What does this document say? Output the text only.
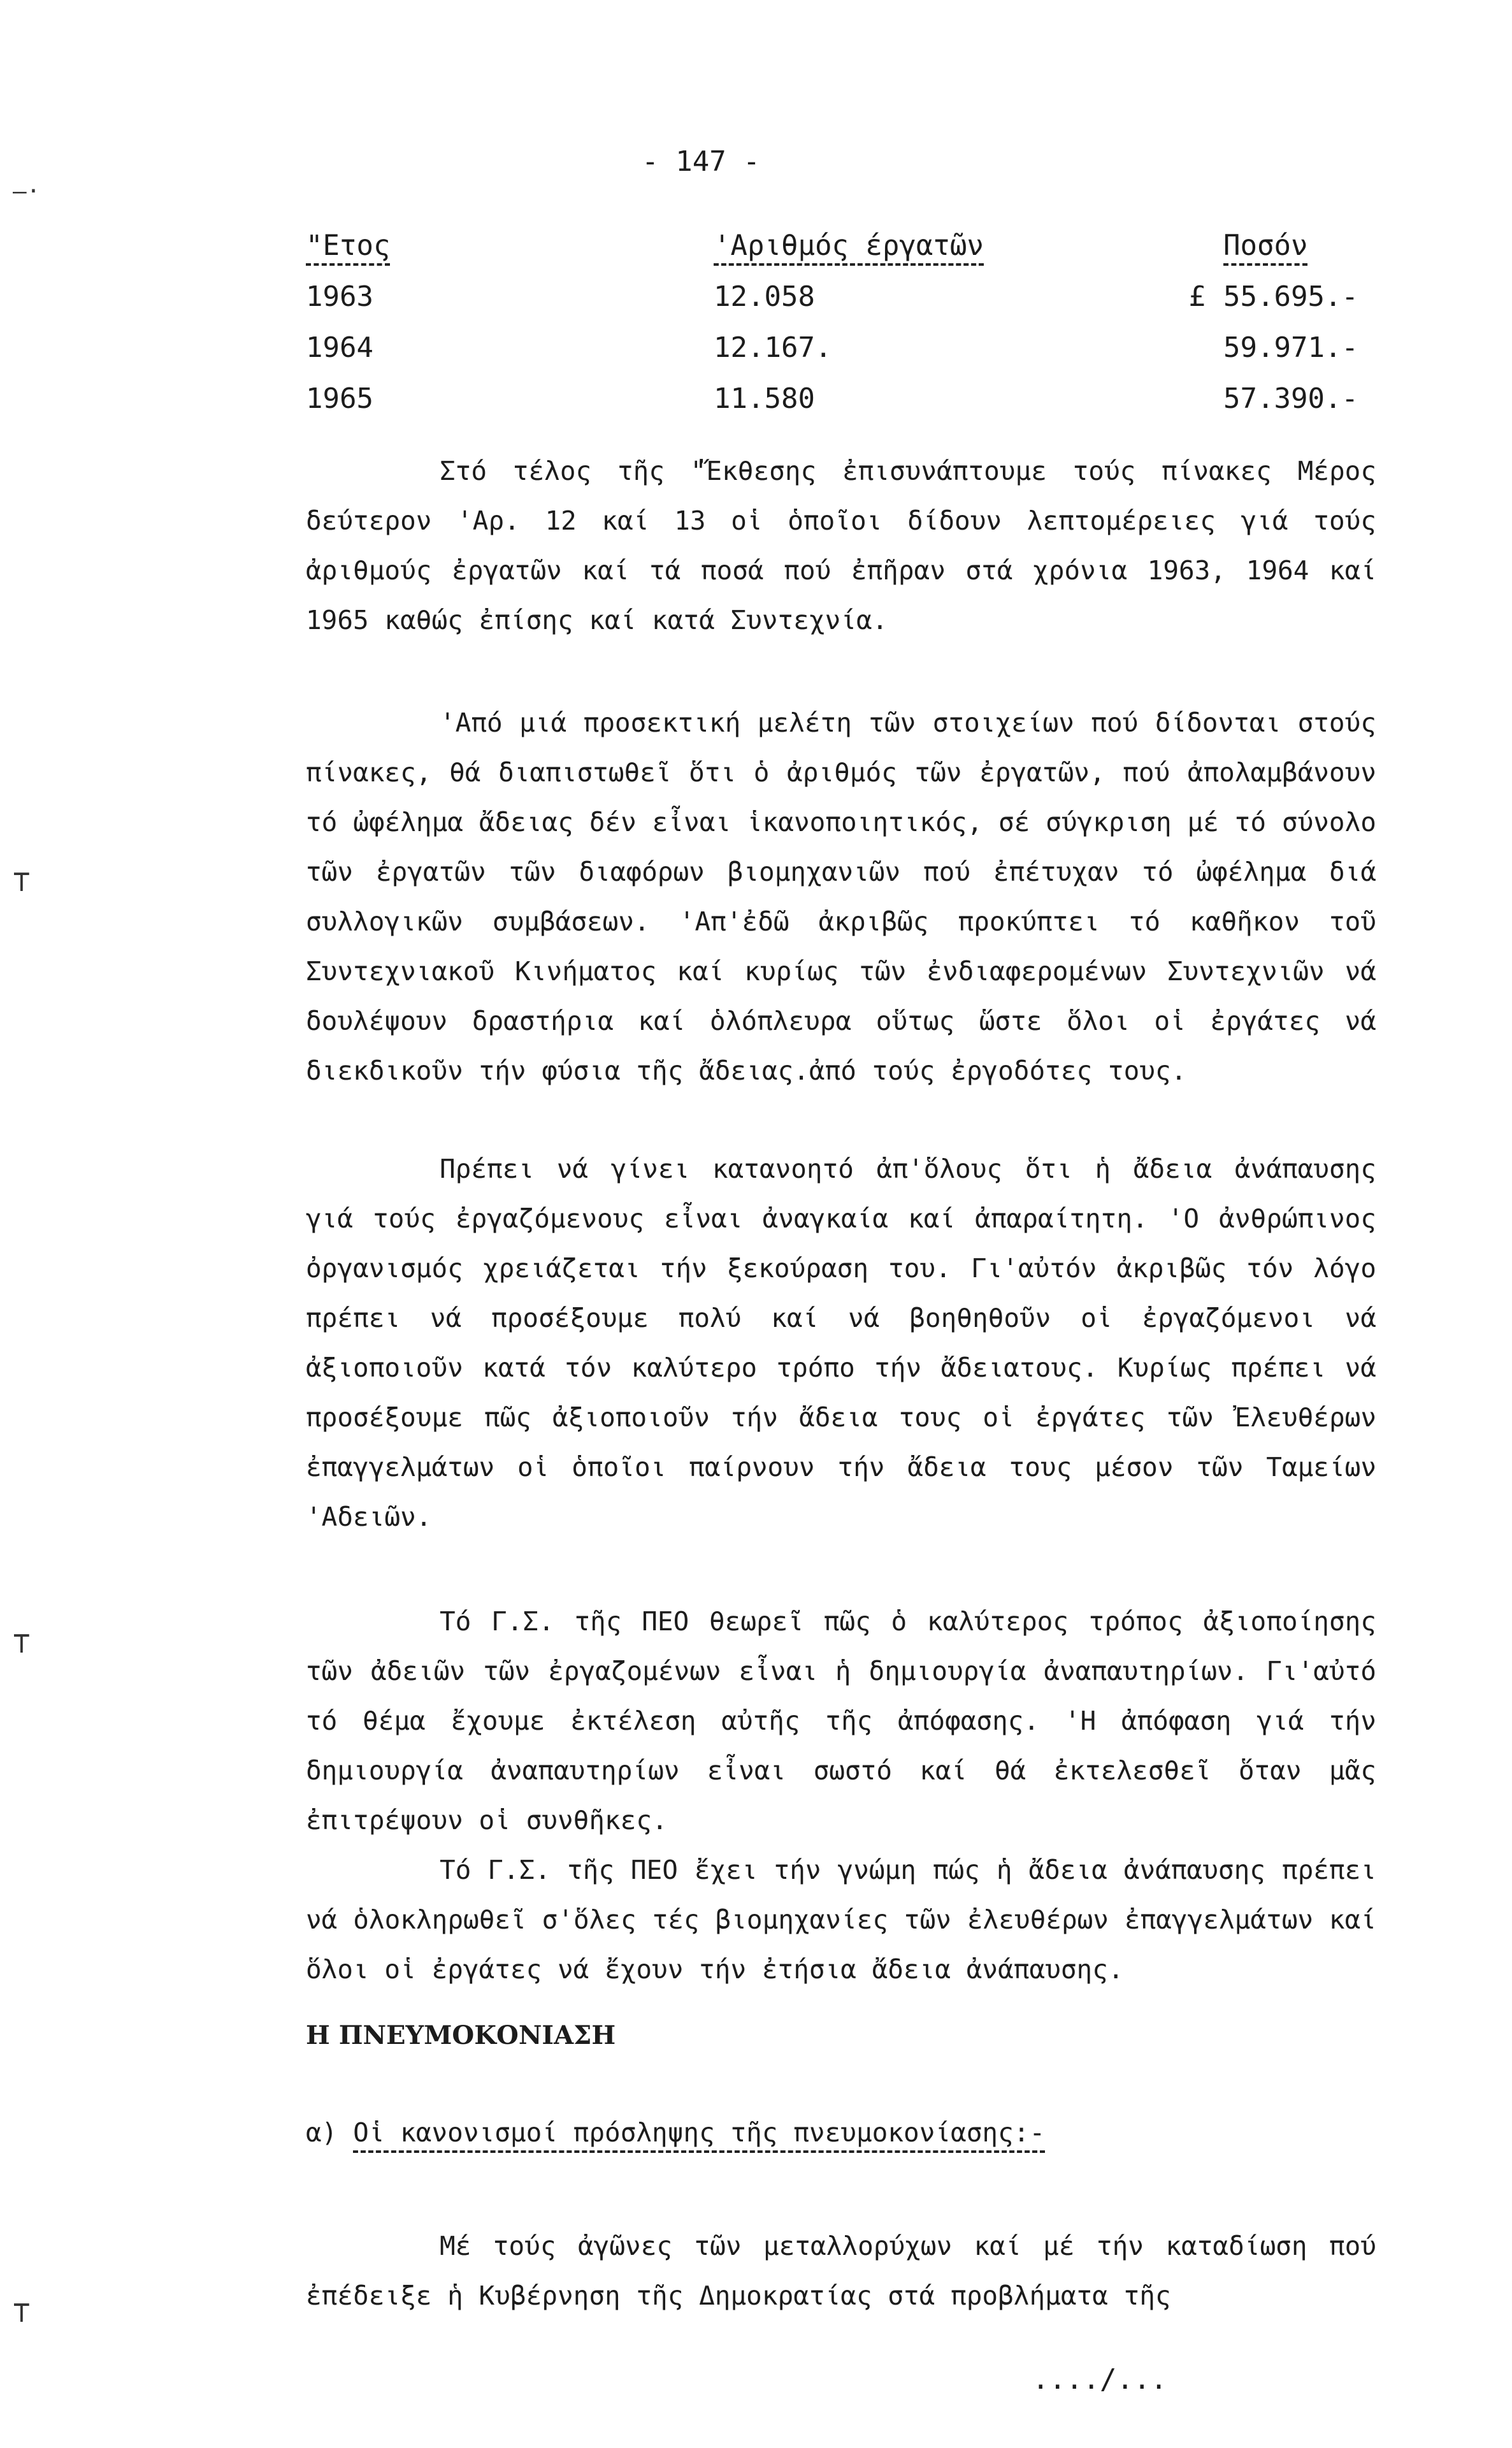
- 147 -
"Ετος	'Αριθμός έργατῶν	Ποσόν
1963	12.058	£ 55.695.-
1964	12.167.	59.971.-
1965	11.580	57.390.-

Στό τέλος τῆς "Ἔκθεσης ἐπισυνάπτουμε τούς πίνακες Μέρος δεύτερον 'Αρ. 12 καί 13 οἱ ὁποῖοι δίδουν λεπτομέρειες γιά τούς ἀριθμούς ἐργατῶν καί τά ποσά πού ἐπῆραν στά χρόνια 1963, 1964 καί 1965 καθώς ἐπίσης καί κατά Συντεχνία.

'Από μιά προσεκτική μελέτη τῶν στοιχείων πού δίδονται στούς πίνακες, θά διαπιστωθεῖ ὅτι ὁ ἀριθμός τῶν ἐργατῶν, πού ἀπολαμβάνουν τό ὠφέλημα ἄδειας δέν εἶναι ἱκανοποιητικός, σέ σύγκριση μέ τό σύνολο τῶν ἐργατῶν τῶν διαφόρων βιομηχανιῶν πού ἐπέτυχαν τό ὠφέλημα διά συλλογικῶν συμβάσεων. 'Απ'ἐδῶ ἀκριβῶς προκύπτει τό καθῆκον τοῦ Συντεχνιακοῦ Κινήματος καί κυρίως τῶν ἐνδιαφερομένων Συντεχνιῶν νά δουλέψουν δραστήρια καί ὁλόπλευρα οὕτως ὥστε ὅλοι οἱ ἐργάτες νά διεκδικοῦν τήν φύσια τῆς ἄδειας.ἀπό τούς ἐργοδότες τους.

Πρέπει νά γίνει κατανοητό ἀπ'ὅλους ὅτι ἡ ἄδεια ἀνάπαυσης γιά τούς ἐργαζόμενους εἶναι ἀναγκαία καί ἀπαραίτητη. 'Ο ἀνθρώπινος ὀργανισμός χρειάζεται τήν ξεκούραση του. Γι'αὐτόν ἀκριβῶς τόν λόγο πρέπει νά προσέξουμε πολύ καί νά βοηθηθοῦν οἱ ἐργαζόμενοι νά ἀξιοποιοῦν κατά τόν καλύτερο τρόπο τήν ἄδειατους. Κυρίως πρέπει νά προσέξουμε πῶς ἀξιοποιοῦν τήν ἄδεια τους οἱ ἐργάτες τῶν Ἐλευθέρων ἐπαγγελμάτων οἱ ὁποῖοι παίρνουν τήν ἄδεια τους μέσον τῶν Ταμείων 'Αδειῶν.

Τό Γ.Σ. τῆς ΠΕΟ θεωρεῖ πῶς ὁ καλύτερος τρόπος ἀξιοποίησης τῶν ἀδειῶν τῶν ἐργαζομένων εἶναι ἡ δημιουργία ἀναπαυτηρίων. Γι'αὐτό τό θέμα ἔχουμε ἐκτέλεση αὐτῆς τῆς ἀπόφασης. 'Η ἀπόφαση γιά τήν δημιουργία ἀναπαυτηρίων εἶναι σωστό καί θά ἐκτελεσθεῖ ὅταν μᾶς ἐπιτρέψουν οἱ συνθῆκες.

Τό Γ.Σ. τῆς ΠΕΟ ἔχει τήν γνώμη πώς ἡ ἄδεια ἀνάπαυσης πρέπει νά ὁλοκληρωθεῖ σ'ὅλες τές βιομηχανίες τῶν ἐλευθέρων ἐπαγγελμάτων καί ὅλοι οἱ ἐργάτες νά ἔχουν τήν ἐτήσια ἄδεια ἀνάπαυσης.

Η ΠΝΕΥΜΟΚΟΝΙΑΣΗ

α) Οἱ κανονισμοί πρόσληψης τῆς πνευμοκονίασης:-

Μέ τούς ἀγῶνες τῶν μεταλλορύχων καί μέ τήν καταδίωση πού ἐπέδειξε ἡ Κυβέρνηση τῆς Δημοκρατίας στά προβλήματα τῆς

..../...
⊤
⊤
⊤
—·
